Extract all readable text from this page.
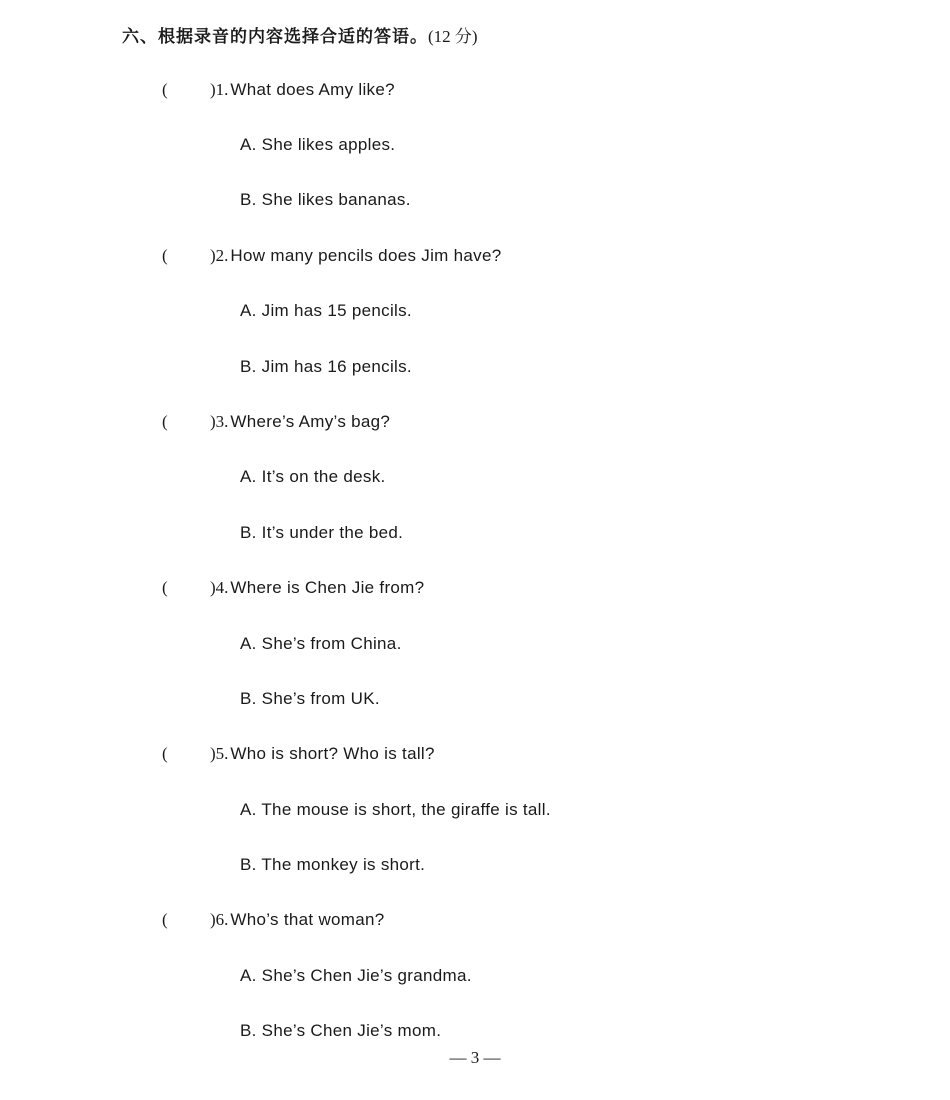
六、根据录音的内容选择合适的答语。(12 分)
(	)1. What does Amy like?
A. She likes apples.
B. She likes bananas.
(	)2. How many pencils does Jim have?
A. Jim has 15 pencils.
B. Jim has 16 pencils.
(	)3. Where’s Amy’s bag?
A. It’s on the desk.
B. It’s under the bed.
(	)4. Where is Chen Jie from?
A. She’s from China.
B. She’s from UK.
(	)5. Who is short? Who is tall?
A. The mouse is short, the giraffe is tall.
B. The monkey is short.
(	)6. Who’s that woman?
A. She’s Chen Jie’s grandma.
B. She’s Chen Jie’s mom.
— 3 —
